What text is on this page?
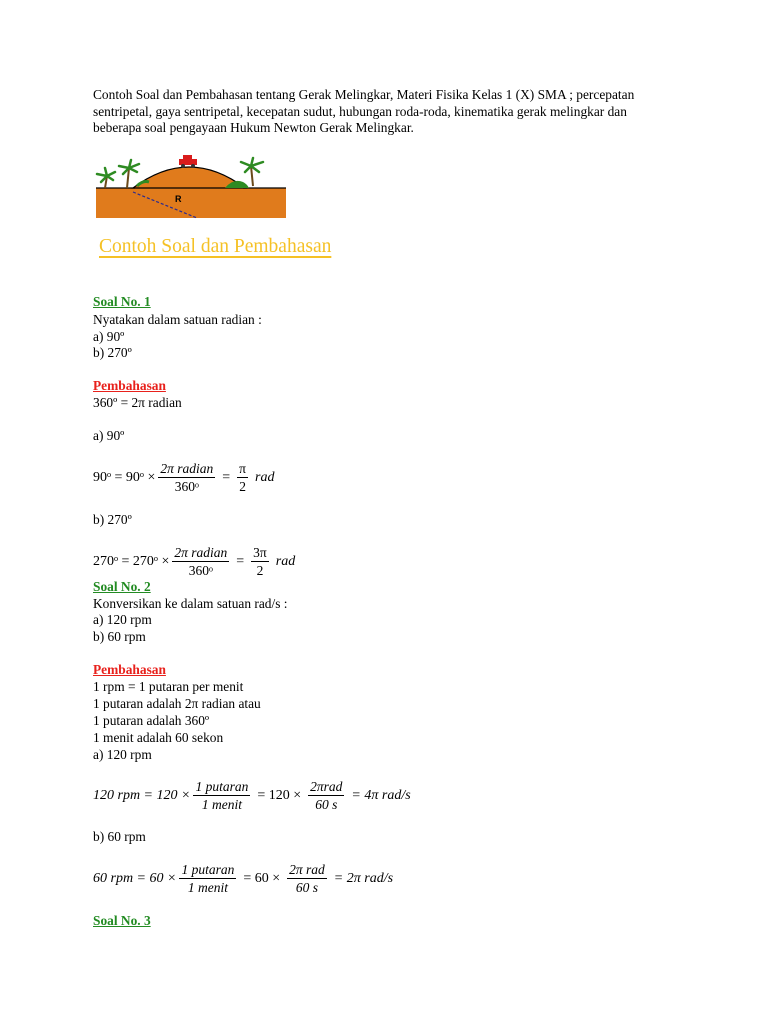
Contoh Soal dan Pembahasan tentang Gerak Melingkar, Materi Fisika Kelas 1 (X) SMA ; percepatan sentripetal, gaya sentripetal, kecepatan sudut, hubungan roda-roda, kinematika gerak melingkar dan beberapa soal pengayaan Hukum Newton Gerak Melingkar.
R
Contoh Soal dan Pembahasan
Soal No. 1
Nyatakan dalam satuan radian :
a) 90º
b) 270º
Pembahasan
360º = 2π radian
a) 90º
90ᵒ = 90ᵒ × $\frac{\text{2π radian}}{\text{360ᵒ}} = \frac{\pi}{2}$ rad
b) 270º
270ᵒ = 270ᵒ × $\frac{\text{2π radian}}{\text{360ᵒ}} = \frac{3\pi}{2}$ rad
Soal No. 2
Konversikan ke dalam satuan rad/s :
a) 120 rpm
b) 60 rpm
Pembahasan
1 rpm = 1 putaran per menit
1 putaran adalah 2π radian atau
1 putaran adalah 360º
1 menit adalah 60 sekon
a) 120 rpm
120 rpm = $120 \times \frac{\text{1 putaran}}{\text{1 menit}} = 120 \times \frac{\text{2πrad}}{60 s} = 4\pi$ rad/s
b) 60 rpm
60 rpm = $60 \times \frac{\text{1 putaran}}{\text{1 menit}} = 60 \times \frac{\text{2π rad}}{60 s} = 2\pi$ rad/s
Soal No. 3
